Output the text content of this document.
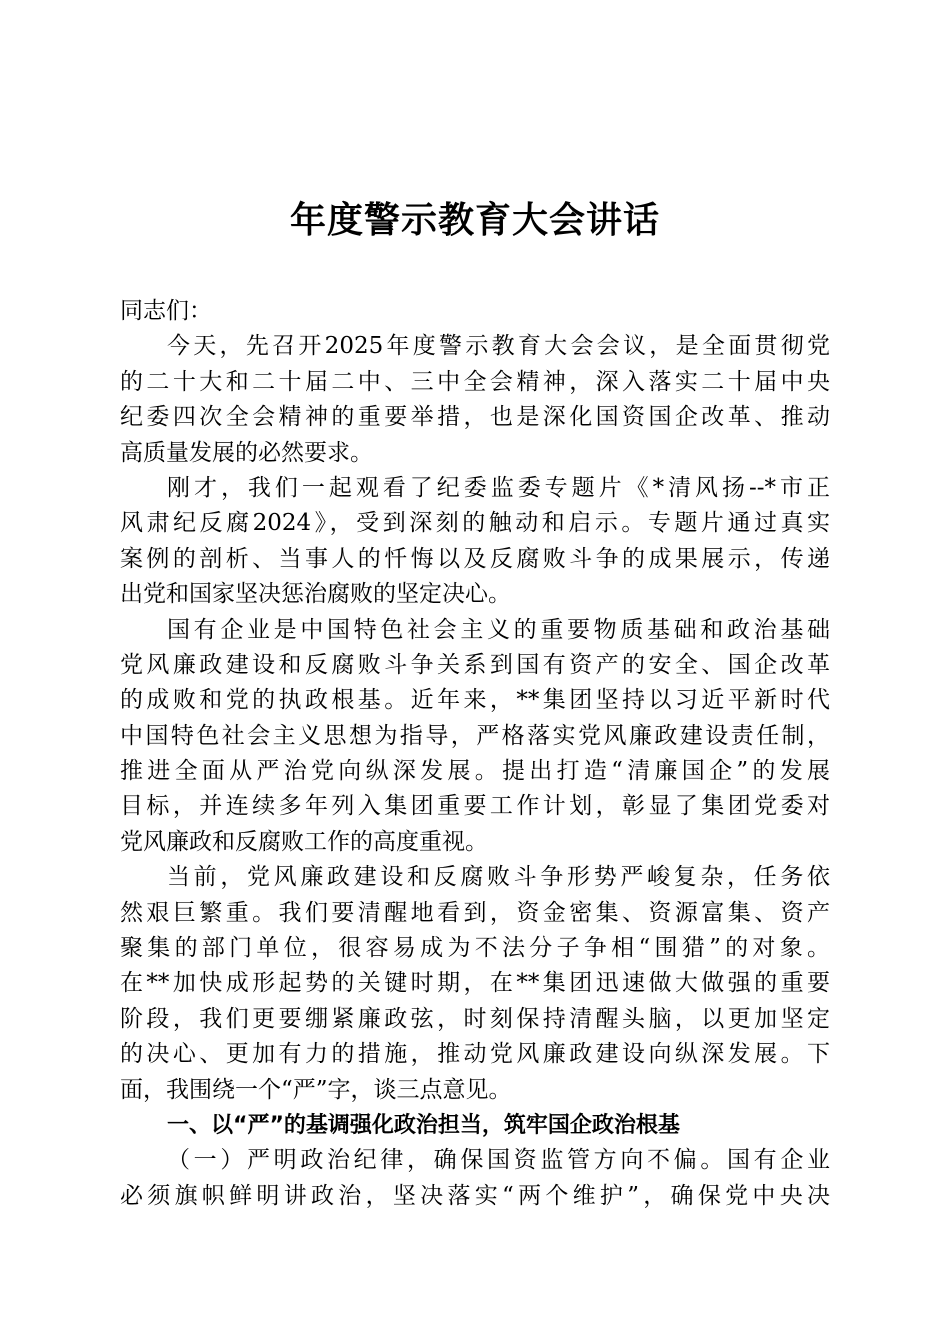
年度警示教育大会讲话
同志们：
今天，先召开2025年度警示教育大会会议，是全面贯彻党
的二十大和二十届二中、三中全会精神，深入落实二十届中央
纪委四次全会精神的重要举措，也是深化国资国企改革、推动
高质量发展的必然要求。
刚才，我们一起观看了纪委监委专题片《*清风扬--*市正
风肃纪反腐2024》，受到深刻的触动和启示。专题片通过真实
案例的剖析、当事人的忏悔以及反腐败斗争的成果展示，传递
出党和国家坚决惩治腐败的坚定决心。
国有企业是中国特色社会主义的重要物质基础和政治基础
党风廉政建设和反腐败斗争关系到国有资产的安全、国企改革
的成败和党的执政根基。近年来，**集团坚持以习近平新时代
中国特色社会主义思想为指导，严格落实党风廉政建设责任制，
推进全面从严治党向纵深发展。提出打造“清廉国企”的发展
目标，并连续多年列入集团重要工作计划，彰显了集团党委对
党风廉政和反腐败工作的高度重视。
当前，党风廉政建设和反腐败斗争形势严峻复杂，任务依
然艰巨繁重。我们要清醒地看到，资金密集、资源富集、资产
聚集的部门单位，很容易成为不法分子争相“围猎”的对象。
在**加快成形起势的关键时期，在**集团迅速做大做强的重要
阶段，我们更要绷紧廉政弦，时刻保持清醒头脑，以更加坚定
的决心、更加有力的措施，推动党风廉政建设向纵深发展。下
面，我围绕一个“严”字，谈三点意见。
一、以“严”的基调强化政治担当，筑牢国企政治根基
（一）严明政治纪律，确保国资监管方向不偏。国有企业
必须旗帜鲜明讲政治，坚决落实“两个维护”，确保党中央决
